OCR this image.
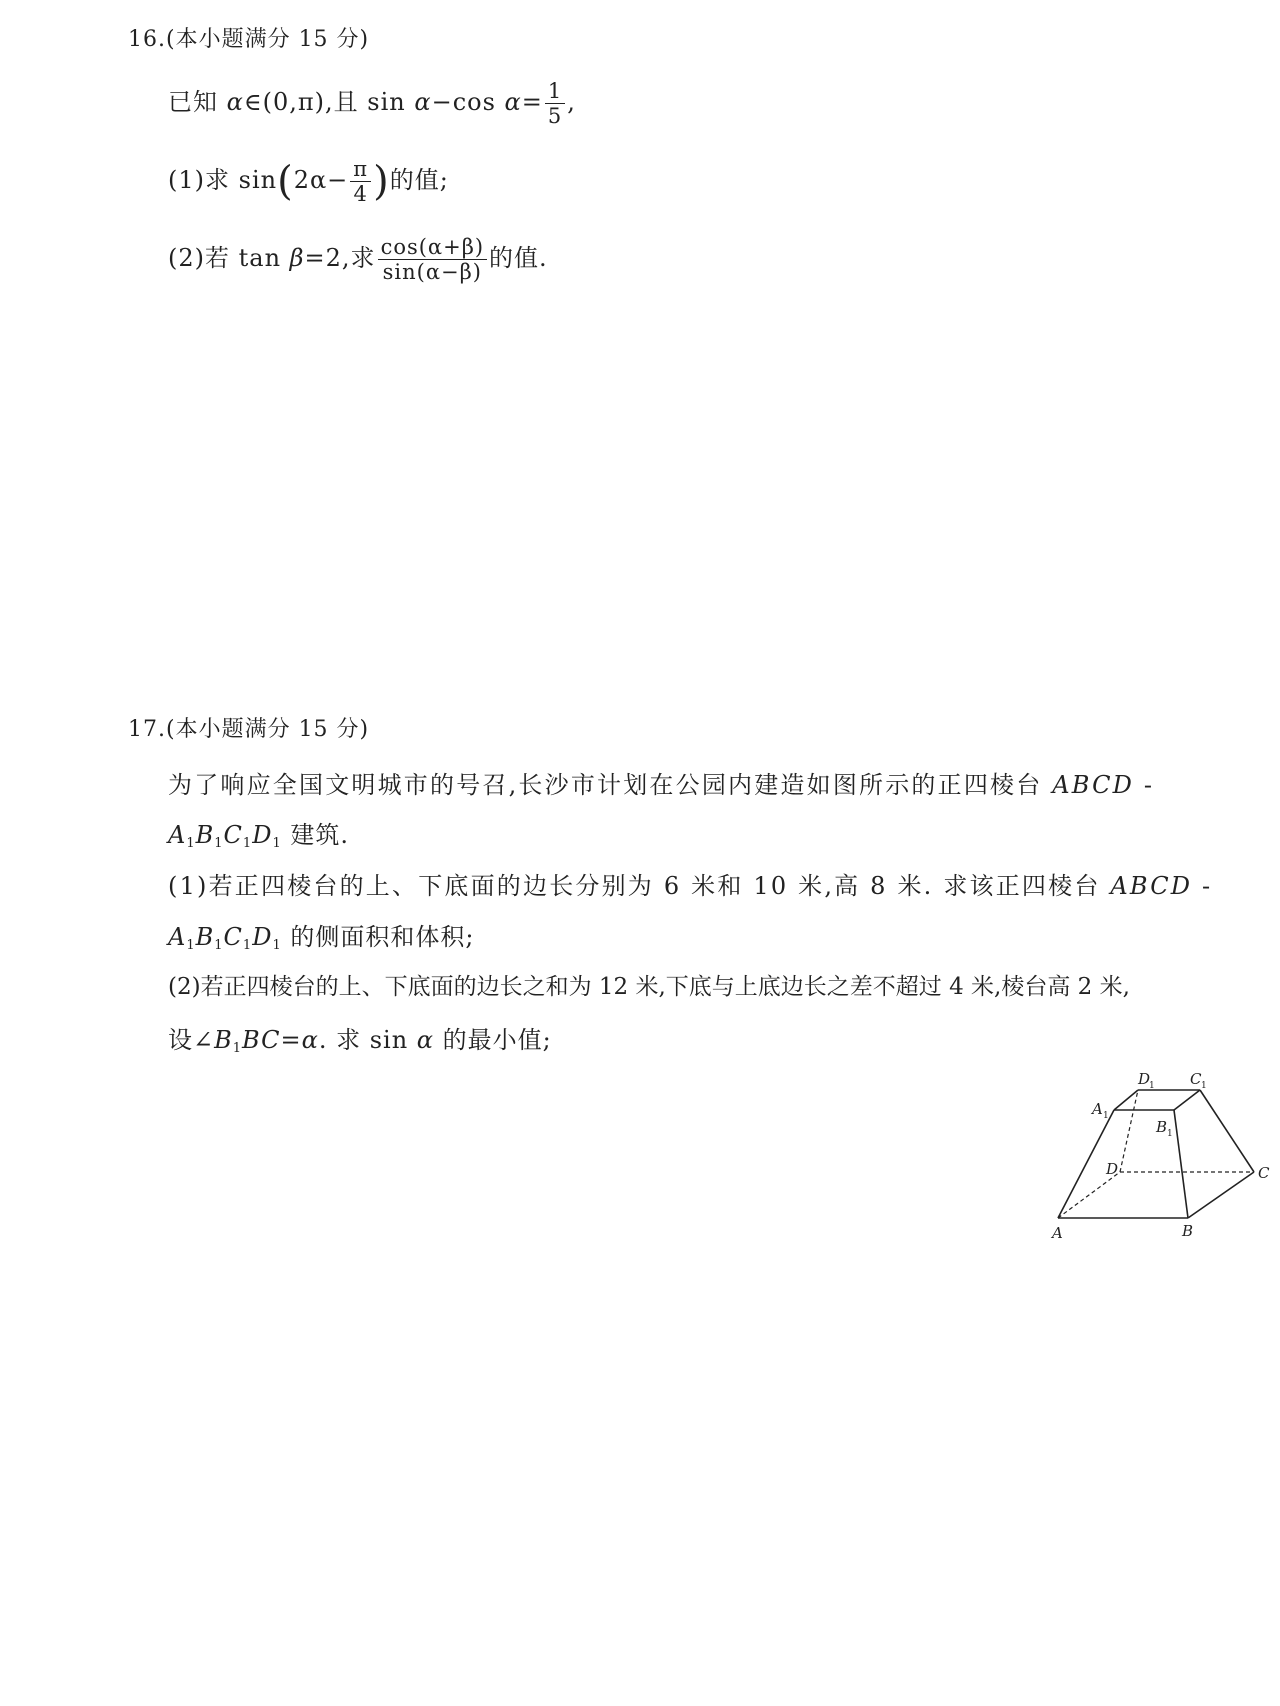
16.(本小题满分 15 分)
已知 α∈(0,π),且 sin α−cos $\alpha= \frac{1}{5}$ ,
(1)求 $\sin(2\alpha- \frac{\pi}{4}$ )的值;
(2)若 tan β=2,求 $\frac{\cos(\alpha+\beta)}{\sin(\alpha-\beta)}$ 的值.
17.(本小题满分 15 分)
为了响应全国文明城市的号召,长沙市计划在公园内建造如图所示的正四棱台 ABCD -
$A_1B_1C_1D_1$ 建筑.
(1)若正四棱台的上、下底面的边长分别为 6 米和 10 米,高 8 米. 求该正四棱台 ABCD -
$A_1B_1C_1D_1$ 的侧面积和体积;
(2)若正四棱台的上、下底面的边长之和为 12 米,下底与上底边长之差不超过 4 米,棱台高 2 米,
设$\angle B_1BC=\alpha$. 求 sin α 的最小值;
A	B
C
D
A 1
B 1
C 1
D
1
